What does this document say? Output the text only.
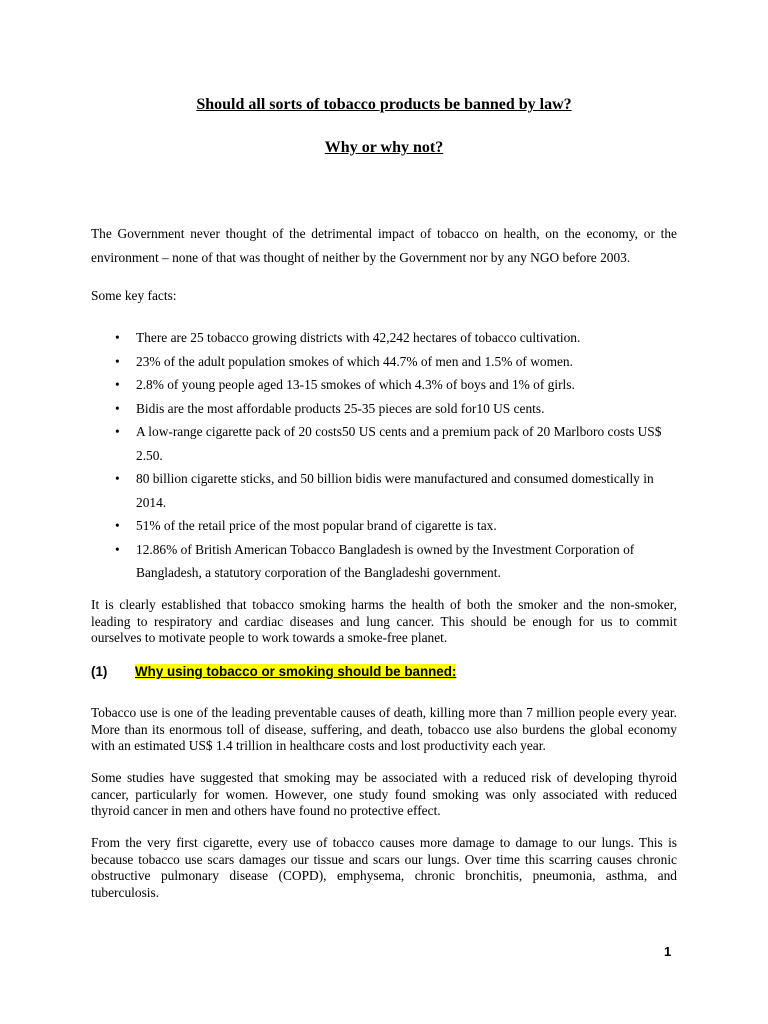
Should all sorts of tobacco products be banned by law?
Why or why not?
The Government never thought of the detrimental impact of tobacco on health, on the economy, or the environment – none of that was thought of neither by the Government nor by any NGO before 2003.
Some key facts:
• There are 25 tobacco growing districts with 42,242 hectares of tobacco cultivation.
• 23% of the adult population smokes of which 44.7% of men and 1.5% of women.
• 2.8% of young people aged 13-15 smokes of which 4.3% of boys and 1% of girls.
• Bidis are the most affordable products 25-35 pieces are sold for10 US cents.
• A low-range cigarette pack of 20 costs50 US cents and a premium pack of 20 Marlboro costs US$ 2.50.
• 80 billion cigarette sticks, and 50 billion bidis were manufactured and consumed domestically in 2014.
• 51% of the retail price of the most popular brand of cigarette is tax.
• 12.86% of British American Tobacco Bangladesh is owned by the Investment Corporation of Bangladesh, a statutory corporation of the Bangladeshi government.
It is clearly established that tobacco smoking harms the health of both the smoker and the non-smoker, leading to respiratory and cardiac diseases and lung cancer. This should be enough for us to commit ourselves to motivate people to work towards a smoke-free planet.
(1) Why using tobacco or smoking should be banned:
Tobacco use is one of the leading preventable causes of death, killing more than 7 million people every year. More than its enormous toll of disease, suffering, and death, tobacco use also burdens the global economy with an estimated US$ 1.4 trillion in healthcare costs and lost productivity each year.
Some studies have suggested that smoking may be associated with a reduced risk of developing thyroid cancer, particularly for women. However, one study found smoking was only associated with reduced thyroid cancer in men and others have found no protective effect.
From the very first cigarette, every use of tobacco causes more damage to damage to our lungs. This is because tobacco use scars damages our tissue and scars our lungs. Over time this scarring causes chronic obstructive pulmonary disease (COPD), emphysema, chronic bronchitis, pneumonia, asthma, and tuberculosis.
1
